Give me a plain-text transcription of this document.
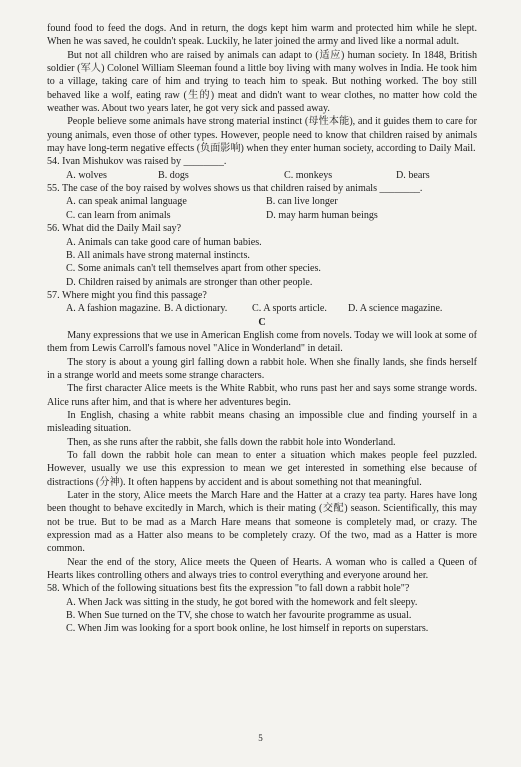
found food to feed the dogs. And in return, the dogs kept him warm and protected him while he slept. When he was saved, he couldn't speak. Luckily, he later joined the army and lived like a normal adult.

But not all children who are raised by animals can adapt to (适应) human society. In 1848, British soldier (军人) Colonel William Sleeman found a little boy living with many wolves in India. He took him to a village, taking care of him and trying to teach him to speak. But nothing worked. The boy still behaved like a wolf, eating raw (生的) meat and didn't want to wear clothes, no matter how cold the weather was. About two years later, he got very sick and passed away.

People believe some animals have strong material instinct (母性本能), and it guides them to care for young animals, even those of other types. However, people need to know that children raised by animals may have long-term negative effects (负面影响) when they enter human society, according to Daily Mail.

54. Ivan Mishukov was raised by ________.

A. wolves	B. dogs	C. monkeys	D. bears

55. The case of the boy raised by wolves shows us that children raised by animals ________.

A. can speak animal language	B. can live longer
C. can learn from animals	D. may harm human beings

56. What did the Daily Mail say?

A. Animals can take good care of human babies.

B. All animals have strong maternal instincts.

C. Some animals can't tell themselves apart from other species.

D. Children raised by animals are stronger than other people.

57. Where might you find this passage?

A. A fashion magazine. B. A dictionary.	C. A sports article.	D. A science magazine.

C

Many expressions that we use in American English come from novels. Today we will look at some of them from Lewis Carroll's famous novel "Alice in Wonderland" in detail.

The story is about a young girl falling down a rabbit hole. When she finally lands, she finds herself in a strange world and meets some strange characters.

The first character Alice meets is the White Rabbit, who runs past her and says some strange words. Alice runs after him, and that is where her adventures begin.

In English, chasing a white rabbit means chasing an impossible clue and finding yourself in a misleading situation.

Then, as she runs after the rabbit, she falls down the rabbit hole into Wonderland.

To fall down the rabbit hole can mean to enter a situation which makes people feel puzzled. However, usually we use this expression to mean we get interested in something else because of distractions (分神). It often happens by accident and is about something not that meaningful.

Later in the story, Alice meets the March Hare and the Hatter at a crazy tea party. Hares have long been thought to behave excitedly in March, which is their mating (交配) season. Scientifically, this may not be true. But to be mad as a March Hare means that someone is completely mad, or crazy. The expression mad as a Hatter also means to be completely crazy. Of the two, mad as a Hatter is more common.

Near the end of the story, Alice meets the Queen of Hearts. A woman who is called a Queen of Hearts likes controlling others and always tries to control everything and everyone around her.

58. Which of the following situations best fits the expression "to fall down a rabbit hole"?

A. When Jack was sitting in the study, he got bored with the homework and felt sleepy.

B. When Sue turned on the TV, she chose to watch her favourite programme as usual.

C. When Jim was looking for a sport book online, he lost himself in reports on superstars.

5
